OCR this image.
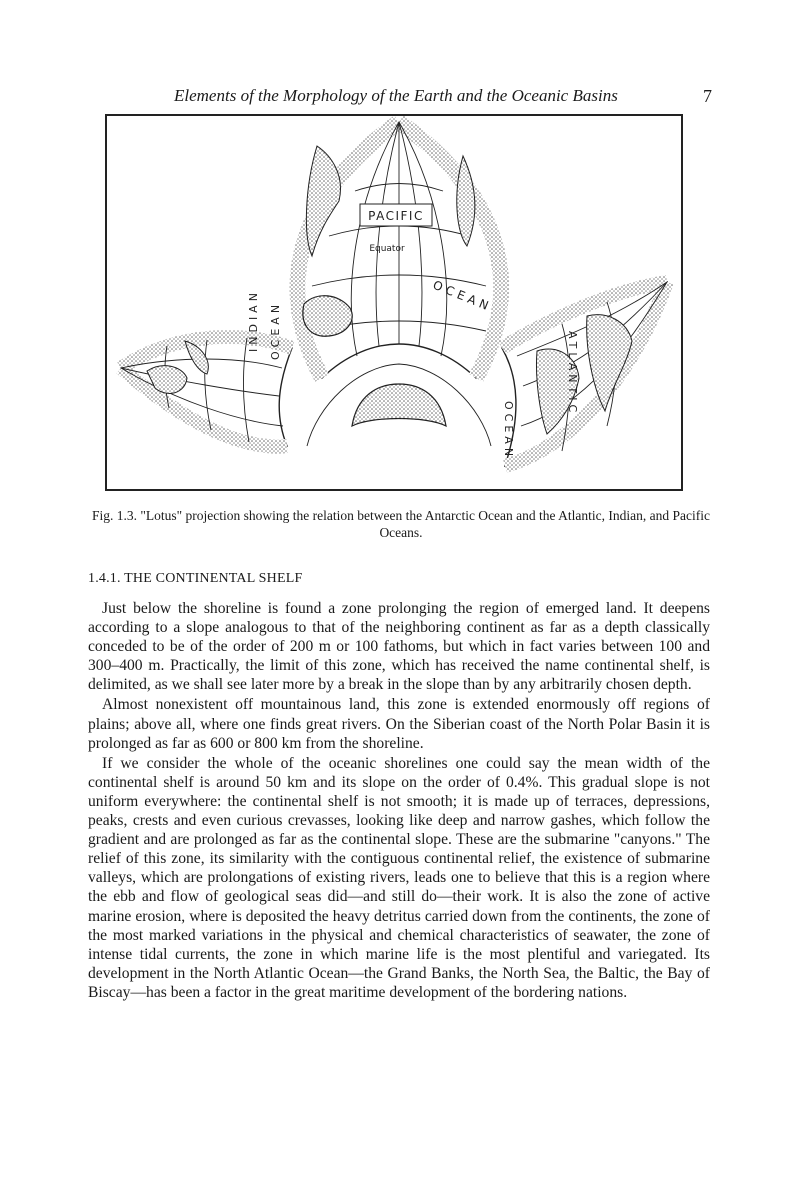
Elements of the Morphology of the Earth and the Oceanic Basins	7
PACIFIC
Equator
OCEAN
INDIAN OCEAN
ATLANTIC
OCEAN
Fig. 1.3. "Lotus" projection showing the relation between the Antarctic Ocean and the Atlantic, Indian, and Pacific Oceans.
1.4.1. THE CONTINENTAL SHELF

Just below the shoreline is found a zone prolonging the region of emerged land. It deepens according to a slope analogous to that of the neighboring continent as far as a depth classically conceded to be of the order of 200 m or 100 fathoms, but which in fact varies between 100 and 300–400 m. Practically, the limit of this zone, which has received the name continental shelf, is delimited, as we shall see later more by a break in the slope than by any arbitrarily chosen depth.

Almost nonexistent off mountainous land, this zone is extended enormously off regions of plains; above all, where one finds great rivers. On the Siberian coast of the North Polar Basin it is prolonged as far as 600 or 800 km from the shoreline.

If we consider the whole of the oceanic shorelines one could say the mean width of the continental shelf is around 50 km and its slope on the order of 0.4%. This gradual slope is not uniform everywhere: the continental shelf is not smooth; it is made up of terraces, depressions, peaks, crests and even curious crevasses, looking like deep and narrow gashes, which follow the gradient and are prolonged as far as the continental slope. These are the submarine "canyons." The relief of this zone, its similarity with the contiguous continental relief, the existence of submarine valleys, which are prolongations of existing rivers, leads one to believe that this is a region where the ebb and flow of geological seas did—and still do—their work. It is also the zone of active marine erosion, where is deposited the heavy detritus carried down from the continents, the zone of the most marked variations in the physical and chemical characteristics of seawater, the zone of intense tidal currents, the zone in which marine life is the most plentiful and variegated. Its development in the North Atlantic Ocean—the Grand Banks, the North Sea, the Baltic, the Bay of Biscay—has been a factor in the great maritime development of the bordering nations.
